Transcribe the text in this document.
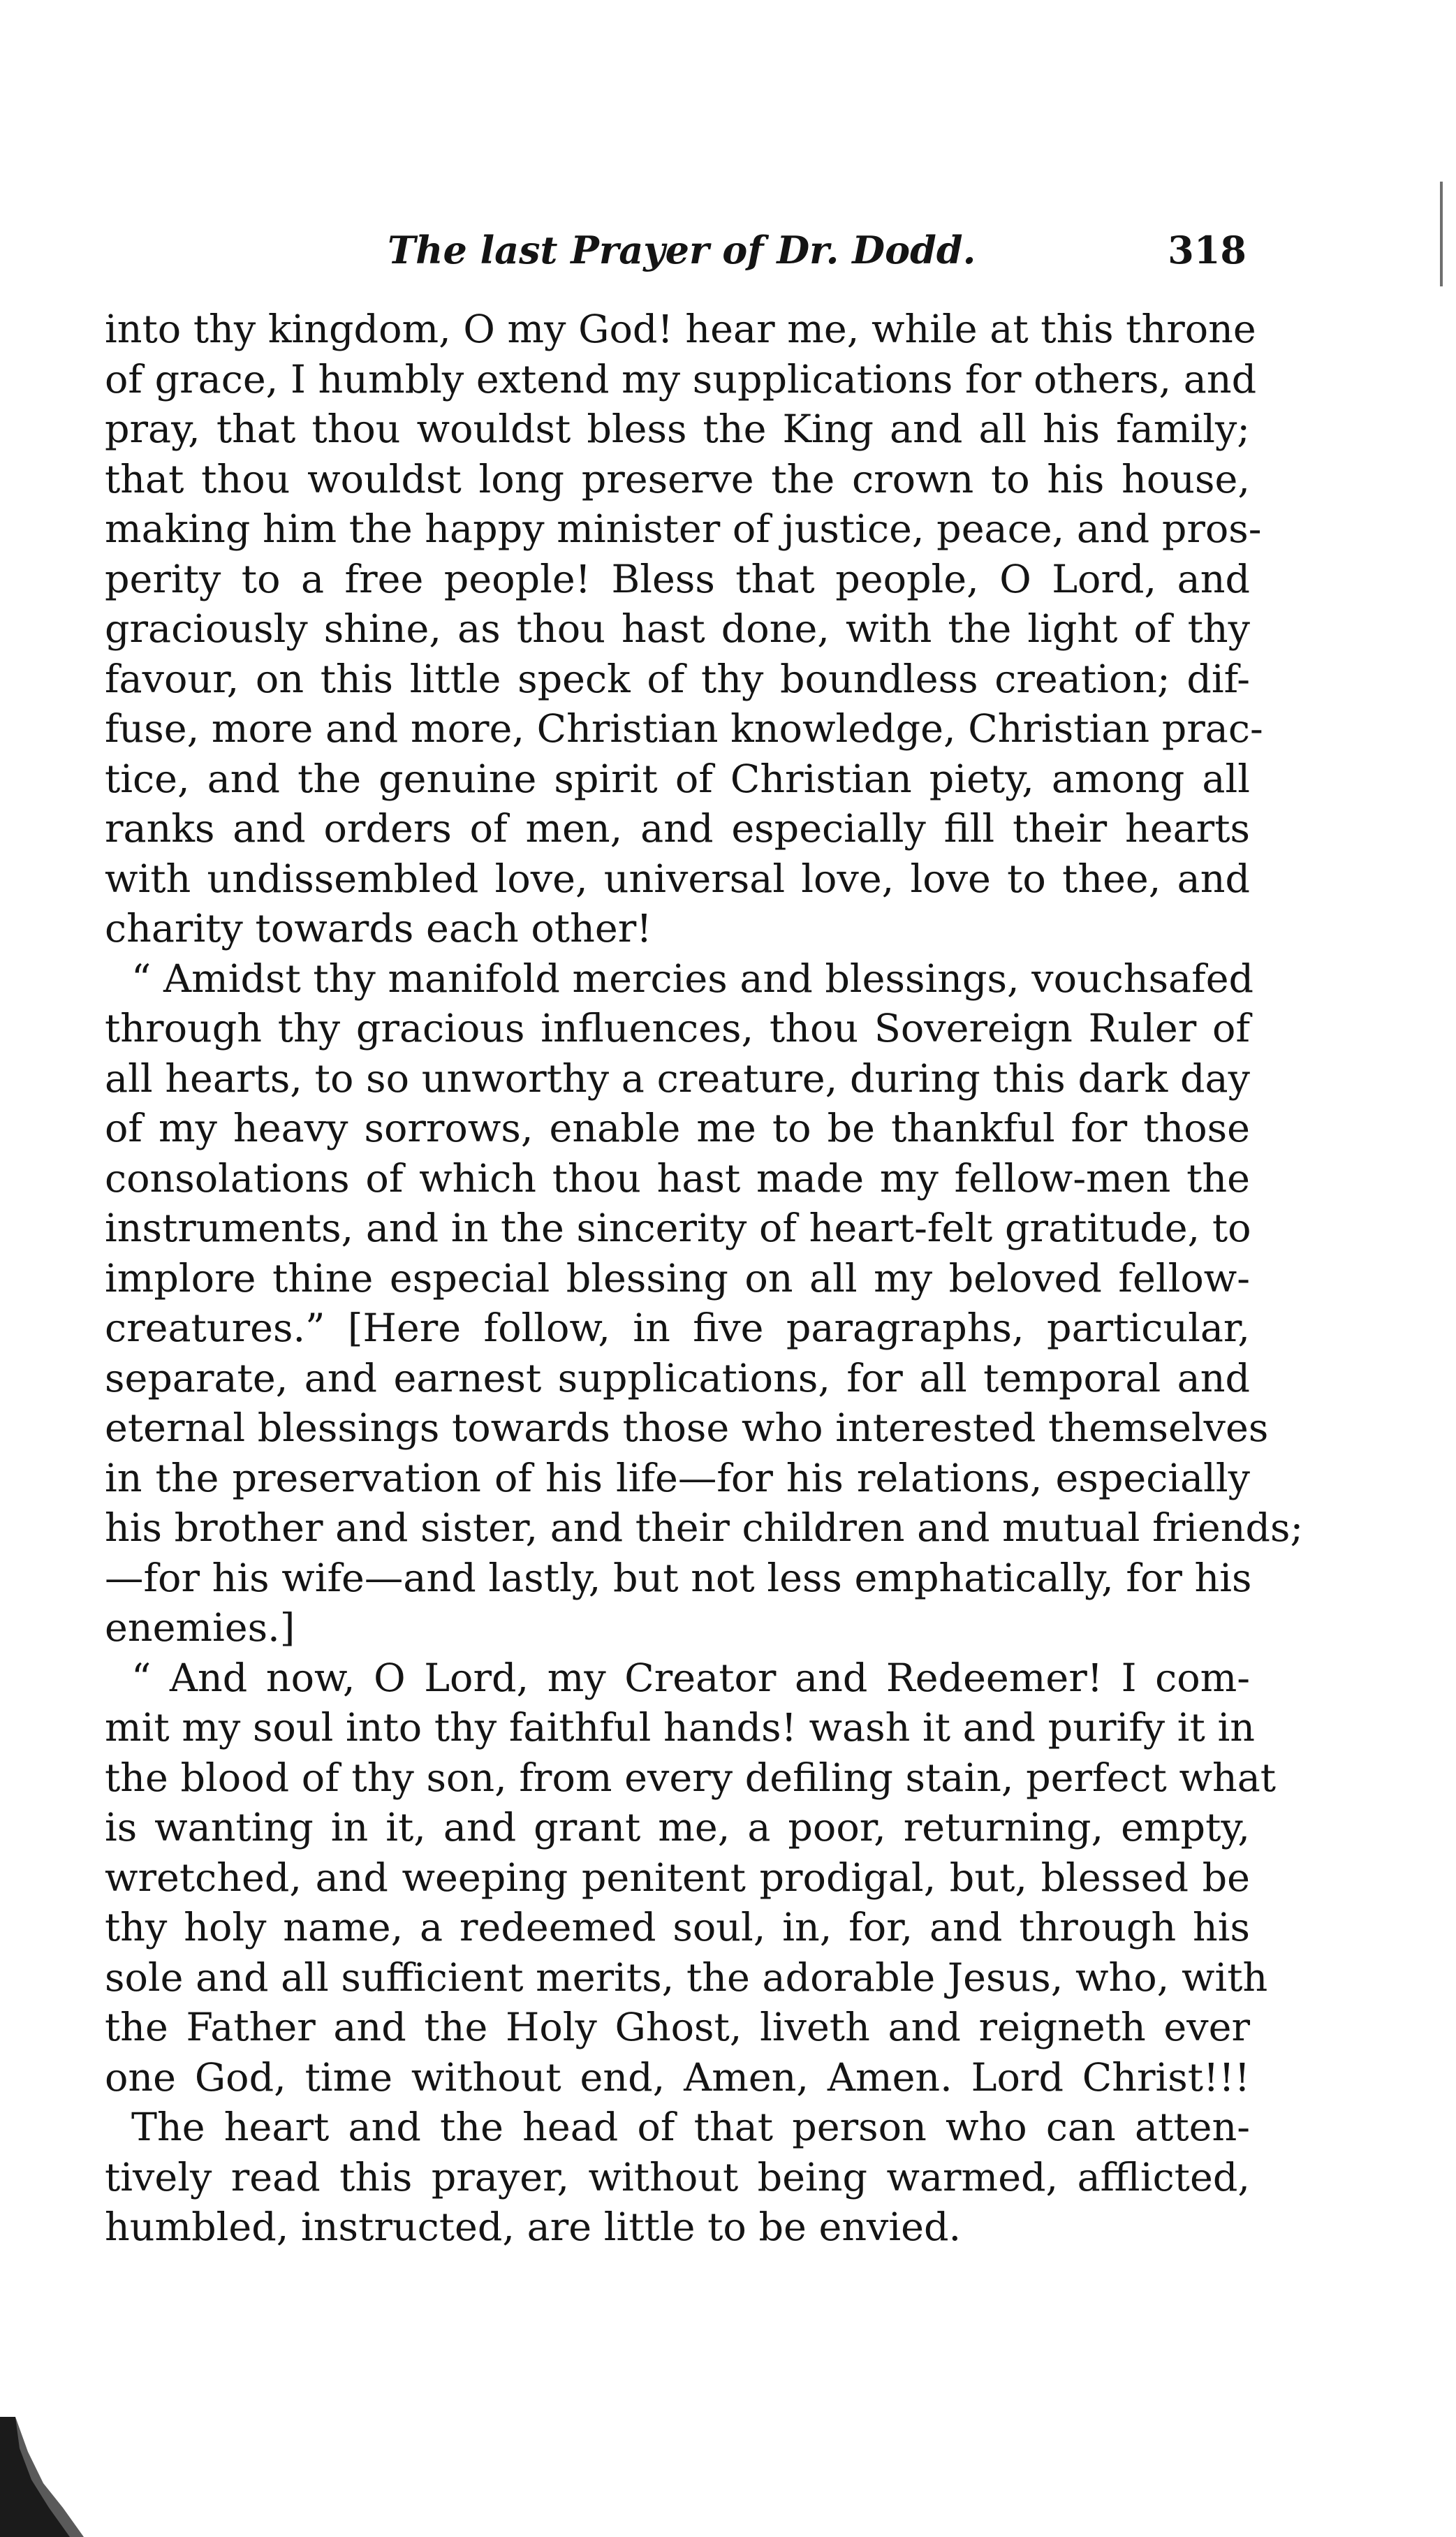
The last Prayer of Dr. Dodd.	318
into thy kingdom, O my God! hear me, while at this throne
of grace, I humbly extend my supplications for others, and
pray, that thou wouldst bless the King and all his family;
that thou wouldst long preserve the crown to his house,
making him the happy minister of justice, peace, and pros-
perity to a free people! Bless that people, O Lord, and
graciously shine, as thou hast done, with the light of thy
favour, on this little speck of thy boundless creation; dif-
fuse, more and more, Christian knowledge, Christian prac-
tice, and the genuine spirit of Christian piety, among all
ranks and orders of men, and especially fill their hearts
with undissembled love, universal love, love to thee, and
charity towards each other!
“ Amidst thy manifold mercies and blessings, vouchsafed
through thy gracious influences, thou Sovereign Ruler of
all hearts, to so unworthy a creature, during this dark day
of my heavy sorrows, enable me to be thankful for those
consolations of which thou hast made my fellow-men the
instruments, and in the sincerity of heart-felt gratitude, to
implore thine especial blessing on all my beloved fellow-
creatures.” [Here follow, in five paragraphs, particular,
separate, and earnest supplications, for all temporal and
eternal blessings towards those who interested themselves
in the preservation of his life—for his relations, especially
his brother and sister, and their children and mutual friends;
—for his wife—and lastly, but not less emphatically, for his
enemies.]
“ And now, O Lord, my Creator and Redeemer! I com-
mit my soul into thy faithful hands! wash it and purify it in
the blood of thy son, from every defiling stain, perfect what
is wanting in it, and grant me, a poor, returning, empty,
wretched, and weeping penitent prodigal, but, blessed be
thy holy name, a redeemed soul, in, for, and through his
sole and all sufficient merits, the adorable Jesus, who, with
the Father and the Holy Ghost, liveth and reigneth ever
one God, time without end, Amen, Amen. Lord Christ!!!
The heart and the head of that person who can atten-
tively read this prayer, without being warmed, afflicted,
humbled, instructed, are little to be envied.
